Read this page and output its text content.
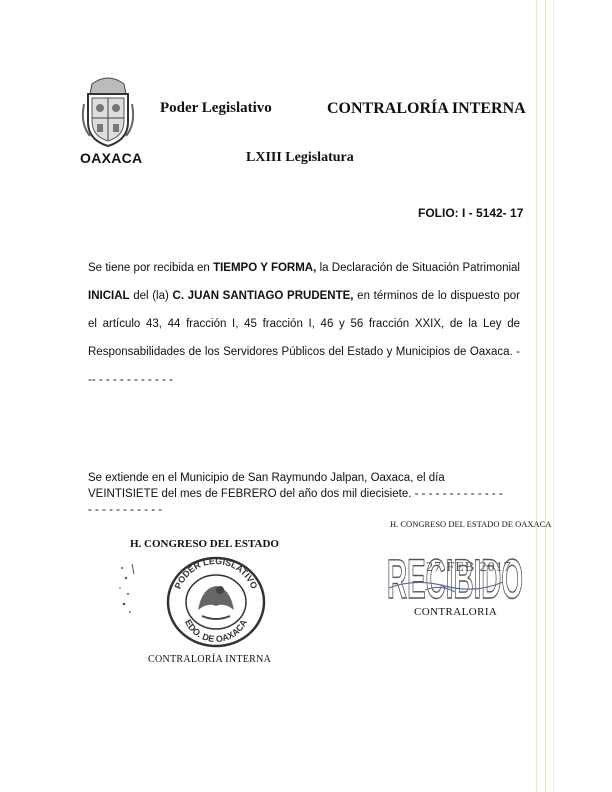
Poder Legislativo	CONTRALORÍA INTERNA
OAXACA	LXIII Legislatura
FOLIO: I - 5142- 17
Se tiene por recibida en TIEMPO Y FORMA, la Declaración de Situación Patrimonial INICIAL del (la) C. JUAN SANTIAGO PRUDENTE, en términos de lo dispuesto por el artículo 43, 44 fracción I, 45 fracción I, 46 y 56 fracción XXIX, de la Ley de Responsabilidades de los Servidores Públicos del Estado y Municipios de Oaxaca. - -- - - - - - - - - - - -
Se extiende en el Municipio de San Raymundo Jalpan, Oaxaca, el día
VEINTISIETE del mes de FEBRERO del año dos mil diecisiete. - - - - - - - - - - - - -
- - - - - - - - - - -
H. CONGRESO DEL ESTADO DE OAXACA
RECIBIDO
27 FEB 2017
CONTRALORIA
H. CONGRESO DEL ESTADO
PODER LEGISLATIVO
EDO. DE OAXACA
CONTRALORÍA INTERNA
